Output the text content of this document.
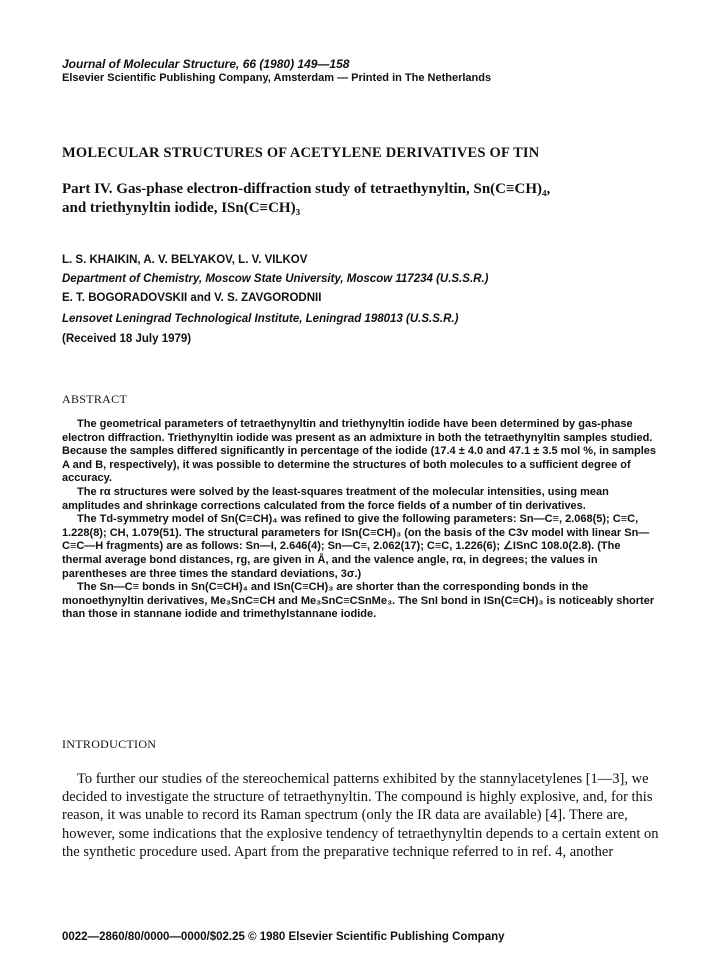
Journal of Molecular Structure, 66 (1980) 149—158
Elsevier Scientific Publishing Company, Amsterdam — Printed in The Netherlands
MOLECULAR STRUCTURES OF ACETYLENE DERIVATIVES OF TIN
Part IV. Gas-phase electron-diffraction study of tetraethynyltin, Sn(C≡CH)₄,
and triethynyltin iodide, ISn(C≡CH)₃
L. S. KHAIKIN, A. V. BELYAKOV, L. V. VILKOV
Department of Chemistry, Moscow State University, Moscow 117234 (U.S.S.R.)
E. T. BOGORADOVSKII and V. S. ZAVGORODNII
Lensovet Leningrad Technological Institute, Leningrad 198013 (U.S.S.R.)
(Received 18 July 1979)
ABSTRACT

The geometrical parameters of tetraethynyltin and triethynyltin iodide have been determined by gas-phase electron diffraction. Triethynyltin iodide was present as an admixture in both the tetraethynyltin samples studied. Because the samples differed significantly in percentage of the iodide (17.4 ± 4.0 and 47.1 ± 3.5 mol %, in samples A and B, respectively), it was possible to determine the structures of both molecules to a sufficient degree of accuracy.

The rα structures were solved by the least-squares treatment of the molecular intensities, using mean amplitudes and shrinkage corrections calculated from the force fields of a number of tin derivatives.

The Td-symmetry model of Sn(C≡CH)₄ was refined to give the following parameters: Sn—C≡, 2.068(5); C≡C, 1.228(8); CH, 1.079(51). The structural parameters for ISn(C≡CH)₃ (on the basis of the C3v model with linear Sn—C≡C—H fragments) are as follows: Sn—I, 2.646(4); Sn—C≡, 2.062(17); C≡C, 1.226(6); ∠ISnC 108.0(2.8). (The thermal average bond distances, rg, are given in Å, and the valence angle, rα, in degrees; the values in parentheses are three times the standard deviations, 3σ.)

The Sn—C≡ bonds in Sn(C≡CH)₄ and ISn(C≡CH)₃ are shorter than the corresponding bonds in the monoethynyltin derivatives, Me₃SnC≡CH and Me₃SnC≡CSnMe₃. The SnI bond in ISn(C≡CH)₃ is noticeably shorter than those in stannane iodide and trimethylstannane iodide.

INTRODUCTION

To further our studies of the stereochemical patterns exhibited by the stannylacetylenes [1—3], we decided to investigate the structure of tetraethynyltin. The compound is highly explosive, and, for this reason, it was unable to record its Raman spectrum (only the IR data are available) [4]. There are, however, some indications that the explosive tendency of tetraethynyltin depends to a certain extent on the synthetic procedure used. Apart from the preparative technique referred to in ref. 4, another

0022—2860/80/0000—0000/$02.25 © 1980 Elsevier Scientific Publishing Company
